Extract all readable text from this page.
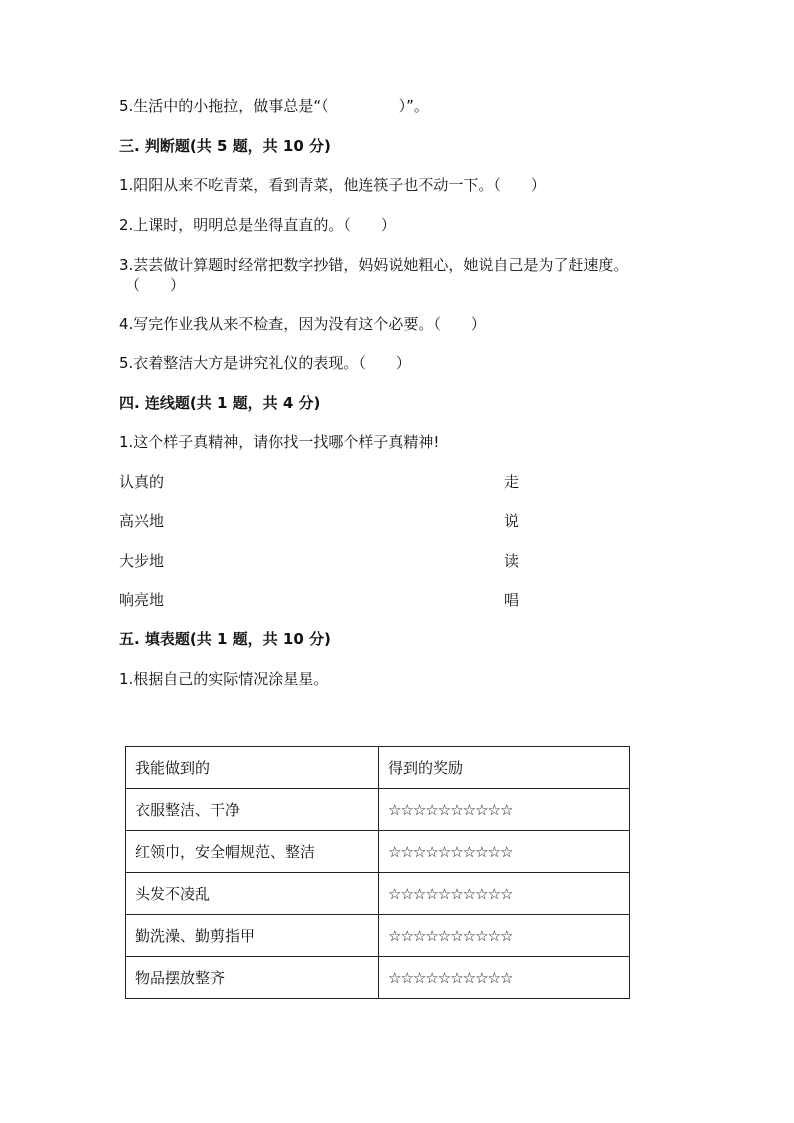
5.生活中的小拖拉，做事总是“（	）”。
三. 判断题(共 5 题，共 10 分)
1.阳阳从来不吃青菜，看到青菜，他连筷子也不动一下。（　　）
2.上课时，明明总是坐得直直的。（　　）
3.芸芸做计算题时经常把数字抄错，妈妈说她粗心，她说自己是为了赶速度。
（　　）
4.写完作业我从来不检查，因为没有这个必要。（　　）
5.衣着整洁大方是讲究礼仪的表现。（　　）
四. 连线题(共 1 题，共 4 分)
1.这个样子真精神，请你找一找哪个样子真精神!
认真的	走
高兴地	说
大步地	读
响亮地	唱
五. 填表题(共 1 题，共 10 分)
1.根据自己的实际情况涂星星。
我能做到的	得到的奖励
衣服整洁、干净	☆☆☆☆☆☆☆☆☆☆
红领巾，安全帽规范、整洁	☆☆☆☆☆☆☆☆☆☆
头发不凌乱	☆☆☆☆☆☆☆☆☆☆
勤洗澡、勤剪指甲	☆☆☆☆☆☆☆☆☆☆
物品摆放整齐	☆☆☆☆☆☆☆☆☆☆
